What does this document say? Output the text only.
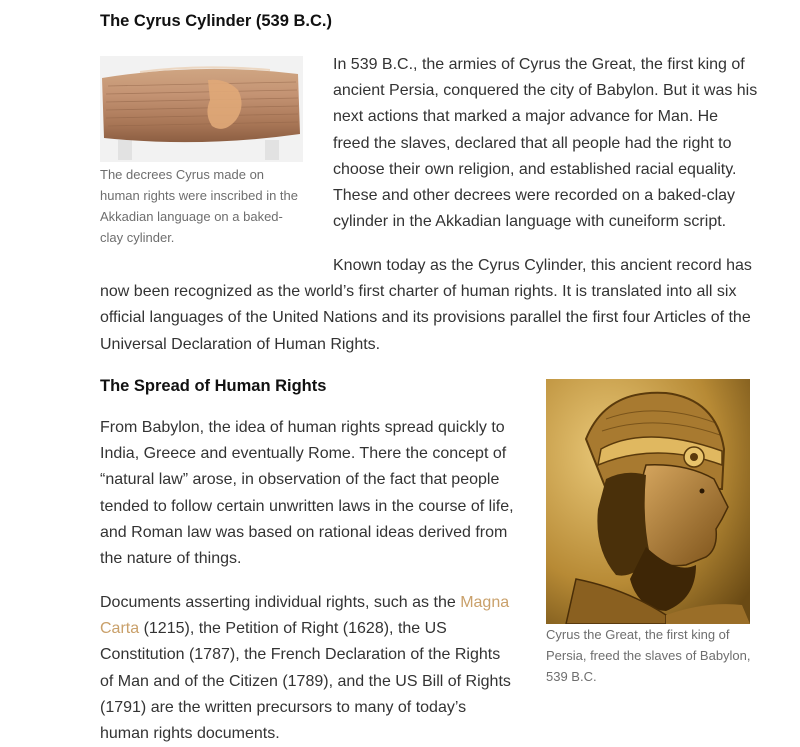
The Cyrus Cylinder (539 B.C.)
The decrees Cyrus made on human rights were inscribed in the Akkadian language on a baked-clay cylinder.

In 539 B.C., the armies of Cyrus the Great, the first king of ancient Persia, conquered the city of Babylon. But it was his next actions that marked a major advance for Man. He freed the slaves, declared that all people had the right to choose their own religion, and established racial equality. These and other decrees were recorded on a baked-clay cylinder in the Akkadian language with cuneiform script.

Known today as the Cyrus Cylinder, this ancient record has now been recognized as the world’s first charter of human rights. It is translated into all six official languages of the United Nations and its provisions parallel the first four Articles of the Universal Declaration of Human Rights.

The Spread of Human Rights

From Babylon, the idea of human rights spread quickly to India, Greece and eventually Rome. There the concept of “natural law” arose, in observation of the fact that people tended to follow certain unwritten laws in the course of life, and Roman law was based on rational ideas derived from the nature of things.

Documents asserting individual rights, such as the Magna Carta (1215), the Petition of Right (1628), the US Constitution (1787), the French Declaration of the Rights of Man and of the Citizen (1789), and the US Bill of Rights (1791) are the written precursors to many of today’s human rights documents.

Cyrus the Great, the first king of Persia, freed the slaves of Babylon, 539 B.C.
